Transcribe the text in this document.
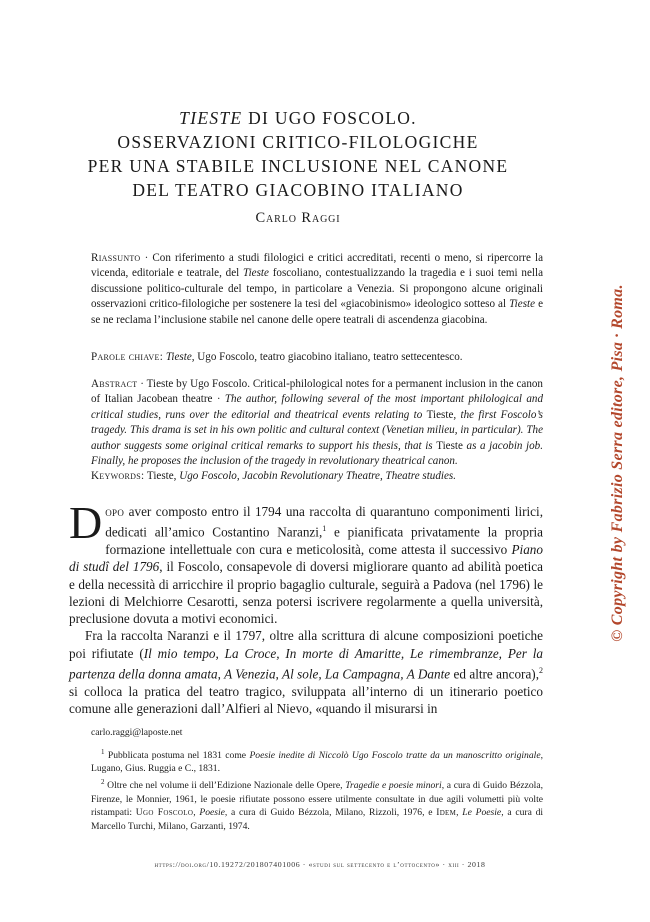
TIESTE DI UGO FOSCOLO.
OSSERVAZIONI CRITICO-FILOLOGICHE
PER UNA STABILE INCLUSIONE NEL CANONE
DEL TEATRO GIACOBINO ITALIANO
Carlo Raggi
Riassunto · Con riferimento a studi filologici e critici accreditati, recenti o meno, si ripercorre la vicenda, editoriale e teatrale, del Tieste foscoliano, contestualizzando la tragedia e i suoi temi nella discussione politico-culturale del tempo, in particolare a Venezia. Si propongono alcune originali osservazioni critico-filologiche per sostenere la tesi del «giacobinismo» ideologico sotteso al Tieste e se ne reclama l’inclusione stabile nel canone delle opere teatrali di ascendenza giacobina.
Parole chiave: Tieste, Ugo Foscolo, teatro giacobino italiano, teatro settecentesco.
Abstract · Tieste by Ugo Foscolo. Critical-philological notes for a permanent inclusion in the canon of Italian Jacobean theatre · The author, following several of the most important philological and critical studies, runs over the editorial and theatrical events relating to Tieste, the first Foscolo’s tragedy. This drama is set in his own politic and cultural context (Venetian milieu, in particular). The author suggests some original critical remarks to support his thesis, that is Tieste as a jacobin job. Finally, he proposes the inclusion of the tragedy in revolutionary theatrical canon.
Keywords: Tieste, Ugo Foscolo, Jacobin Revolutionary Theatre, Theatre studies.

Dopo aver composto entro il 1794 una raccolta di quarantuno componimenti lirici, dedicati all’amico Costantino Naranzi,$^1$ e pianificata privatamente la propria formazione intellettuale con cura e meticolosità, come attesta il successivo Piano di studî del 1796, il Foscolo, consapevole di doversi migliorare quanto ad abilità poetica e della necessità di arricchire il proprio bagaglio culturale, seguirà a Padova (nel 1796) le lezioni di Melchiorre Cesarotti, senza potersi iscrivere regolarmente a quella università, preclusione dovuta a motivi economici.

Fra la raccolta Naranzi e il 1797, oltre alla scrittura di alcune composizioni poetiche poi rifiutate (Il mio tempo, La Croce, In morte di Amaritte, Le rimembranze, Per la partenza della donna amata, A Venezia, Al sole, La Campagna, A Dante ed altre ancora),$^2$ si colloca la pratica del teatro tragico, sviluppata all’interno di un itinerario poetico comune alle generazioni dall’Alfieri al Nievo, «quando il misurarsi in

carlo.raggi@laposte.net

$^1$ Pubblicata postuma nel 1831 come Poesie inedite di Niccolò Ugo Foscolo tratte da un manoscritto originale, Lugano, Gius. Ruggia e C., 1831.

$^2$ Oltre che nel volume ii dell’Edizione Nazionale delle Opere, Tragedie e poesie minori, a cura di Guido Bézzola, Firenze, le Monnier, 1961, le poesie rifiutate possono essere utilmente consultate in due agili volumetti più volte ristampati: Ugo Foscolo, Poesie, a cura di Guido Bézzola, Milano, Rizzoli, 1976, e Idem, Le Poesie, a cura di Marcello Turchi, Milano, Garzanti, 1974.

https://doi.org/10.19272/201807401006 · «studi sul settecento e l’ottocento» · xiii · 2018
© Copyright by Fabrizio Serra editore, Pisa · Roma.
